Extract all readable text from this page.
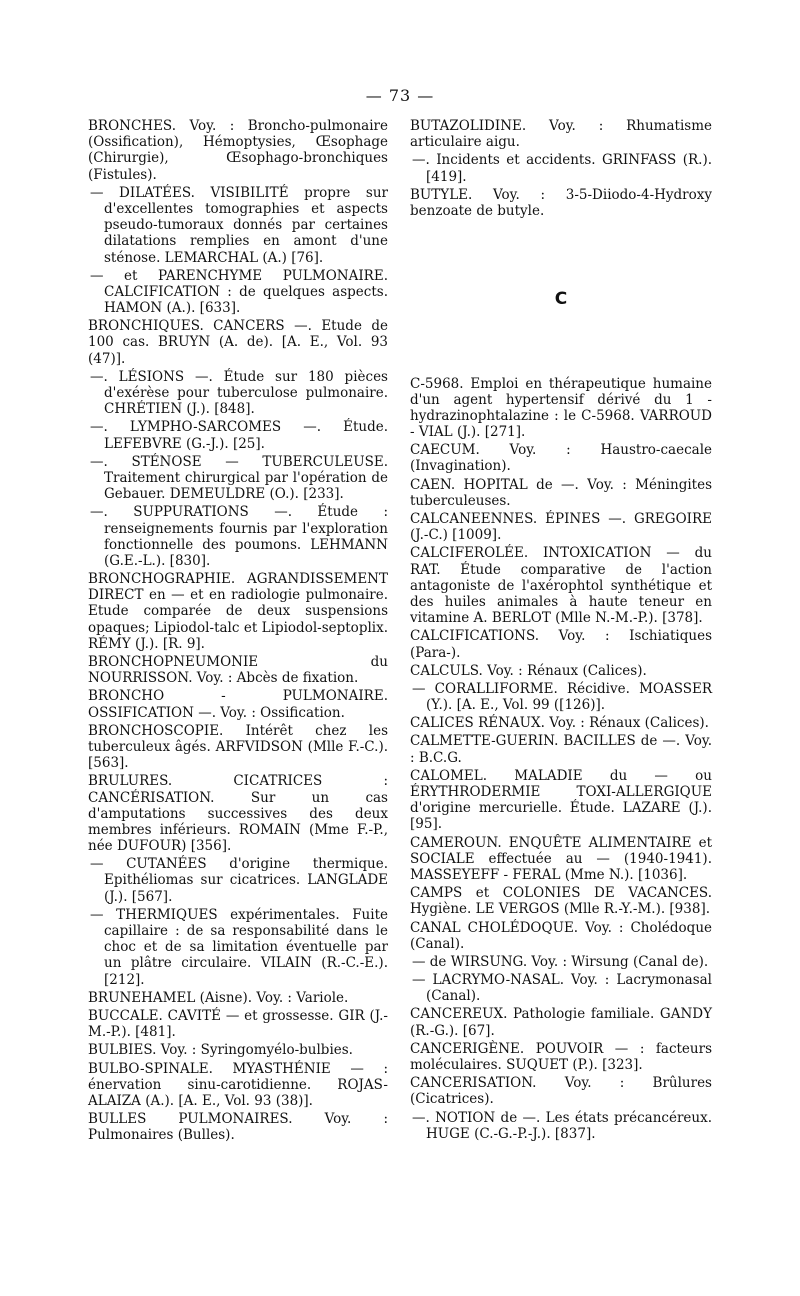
— 73 —

BRONCHES. Voy. : Broncho-pulmonaire (Ossification), Hémoptysies, Œsophage (Chirurgie), Œsophago-bronchiques (Fistules).

— DILATÉES. VISIBILITÉ propre sur d'excellentes tomographies et aspects pseudo-tumoraux donnés par certaines dilatations remplies en amont d'une sténose. LEMARCHAL (A.) [76].

— et PARENCHYME PULMONAIRE. CALCIFICATION : de quelques aspects. HAMON (A.). [633].

BRONCHIQUES. CANCERS —. Etude de 100 cas. BRUYN (A. de). [A. E., Vol. 93 (47)].

—. LÉSIONS —. Étude sur 180 pièces d'exérèse pour tuberculose pulmonaire. CHRÉTIEN (J.). [848].

—. LYMPHO-SARCOMES —. Étude. LEFEBVRE (G.-J.). [25].

—. STÉNOSE — TUBERCULEUSE. Traitement chirurgical par l'opération de Gebauer. DEMEULDRE (O.). [233].

—. SUPPURATIONS —. Étude : renseignements fournis par l'exploration fonctionnelle des poumons. LEHMANN (G.E.-L.). [830].

BRONCHOGRAPHIE. AGRANDISSEMENT DIRECT en — et en radiologie pulmonaire. Etude comparée de deux suspensions opaques; Lipiodol-talc et Lipiodol-septoplix. RÉMY (J.). [R. 9].

BRONCHOPNEUMONIE du NOURRISSON. Voy. : Abcès de fixation.

BRONCHO - PULMONAIRE. OSSIFICATION —. Voy. : Ossification.

BRONCHOSCOPIE. Intérêt chez les tuberculeux âgés. ARFVIDSON (Mlle F.-C.). [563].

BRULURES. CICATRICES : CANCÉRISATION. Sur un cas d'amputations successives des deux membres inférieurs. ROMAIN (Mme F.-P., née DUFOUR) [356].

— CUTANÉES d'origine thermique. Epithéliomas sur cicatrices. LANGLADE (J.). [567].

— THERMIQUES expérimentales. Fuite capillaire : de sa responsabilité dans le choc et de sa limitation éventuelle par un plâtre circulaire. VILAIN (R.-C.-E.). [212].

BRUNEHAMEL (Aisne). Voy. : Variole.

BUCCALE. CAVITÉ — et grossesse. GIR (J.-M.-P.). [481].

BULBIES. Voy. : Syringomyélo-bulbies.

BULBO-SPINALE. MYASTHÉNIE — : énervation sinu-carotidienne. ROJAS-ALAIZA (A.). [A. E., Vol. 93 (38)].

BULLES PULMONAIRES. Voy. : Pulmonaires (Bulles).

BUTAZOLIDINE. Voy. : Rhumatisme articulaire aigu.

—. Incidents et accidents. GRINFASS (R.). [419].

BUTYLE. Voy. : 3-5-Diiodo-4-Hydroxy benzoate de butyle.

C

C-5968. Emploi en thérapeutique humaine d'un agent hypertensif dérivé du 1 -hydrazinophtalazine : le C-5968. VARROUD - VIAL (J.). [271].

CAECUM. Voy. : Haustro-caecale (Invagination).

CAEN. HOPITAL de —. Voy. : Méningites tuberculeuses.

CALCANEENNES. ÉPINES —. GREGOIRE (J.-C.) [1009].

CALCIFEROLÉE. INTOXICATION — du RAT. Étude comparative de l'action antagoniste de l'axérophtol synthétique et des huiles animales à haute teneur en vitamine A. BERLOT (Mlle N.-M.-P.). [378].

CALCIFICATIONS. Voy. : Ischiatiques (Para-).

CALCULS. Voy. : Rénaux (Calices).

— CORALLIFORME. Récidive. MOASSER (Y.). [A. E., Vol. 99 ([126)].

CALICES RÉNAUX. Voy. : Rénaux (Calices).

CALMETTE-GUERIN. BACILLES de —. Voy. : B.C.G.

CALOMEL. MALADIE du — ou ÉRYTHRODERMIE TOXI-ALLERGIQUE d'origine mercurielle. Étude. LAZARE (J.). [95].

CAMEROUN. ENQUÊTE ALIMENTAIRE et SOCIALE effectuée au — (1940-1941). MASSEYEFF - FERAL (Mme N.). [1036].

CAMPS et COLONIES DE VACANCES. Hygiène. LE VERGOS (Mlle R.-Y.-M.). [938].

CANAL CHOLÉDOQUE. Voy. : Cholédoque (Canal).

— de WIRSUNG. Voy. : Wirsung (Canal de).

— LACRYMO-NASAL. Voy. : Lacrymonasal (Canal).

CANCEREUX. Pathologie familiale. GANDY (R.-G.). [67].

CANCERIGÈNE. POUVOIR — : facteurs moléculaires. SUQUET (P.). [323].

CANCERISATION. Voy. : Brûlures (Cicatrices).

—. NOTION de —. Les états précancéreux. HUGE (C.-G.-P.-J.). [837].
